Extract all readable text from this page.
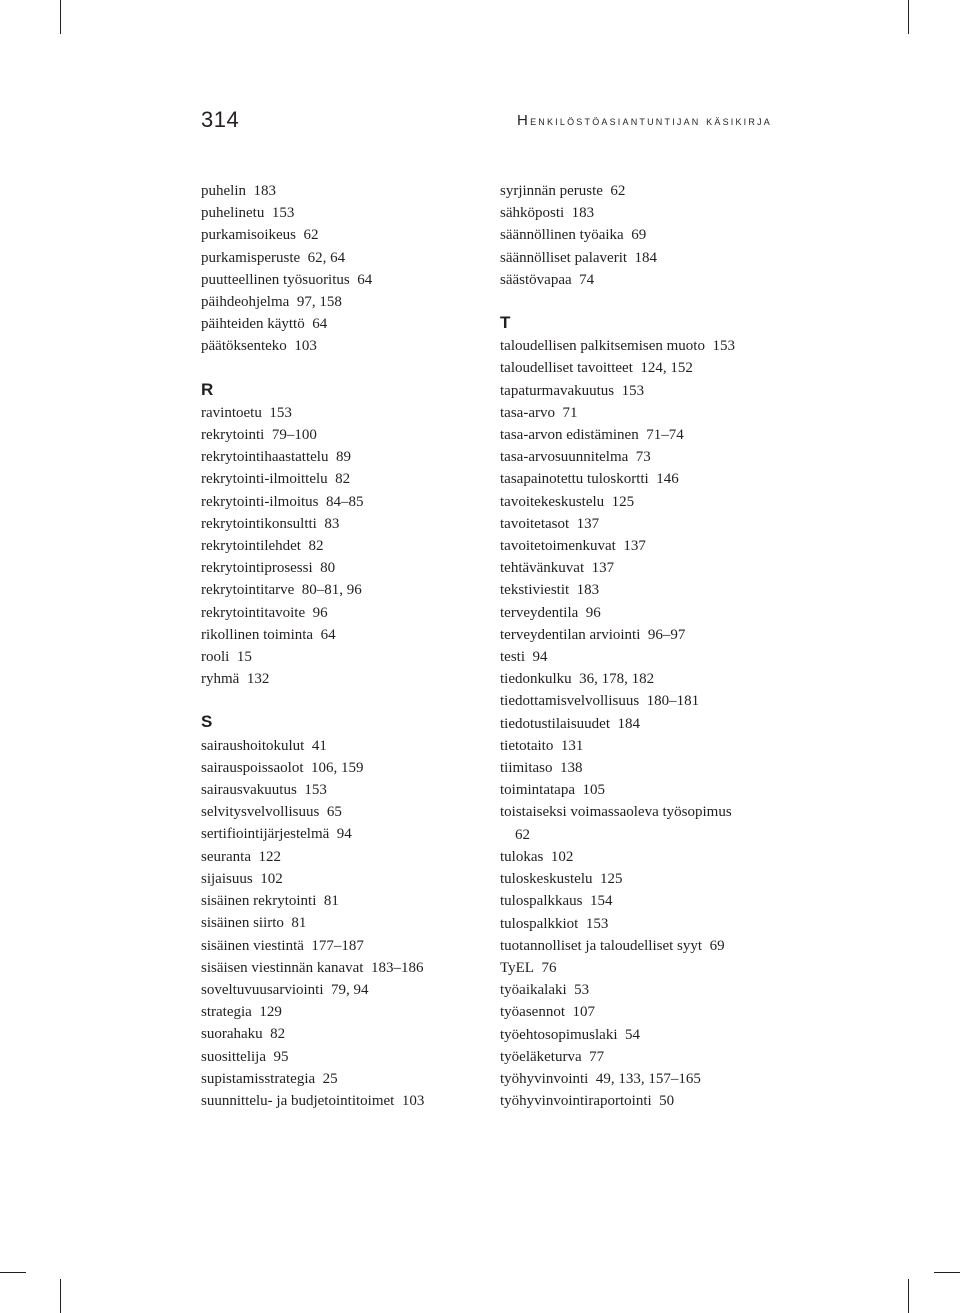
314	Henkilöstöasiantuntijan käsikirja
puhelin 183
puhelinetu 153
purkamisoikeus 62
purkamisperuste 62, 64
puutteellinen työsuoritus 64
päihdeohjelma 97, 158
päihteiden käyttö 64
päätöksenteko 103
R
ravintoetu 153
rekrytointi 79–100
rekrytointihaastattelu 89
rekrytointi-ilmoittelu 82
rekrytointi-ilmoitus 84–85
rekrytointikonsultti 83
rekrytointilehdet 82
rekrytointiprosessi 80
rekrytointitarve 80–81, 96
rekrytointitavoite 96
rikollinen toiminta 64
rooli 15
ryhmä 132
S
sairaushoitokulut 41
sairauspoissaolot 106, 159
sairausvakuutus 153
selvitysvelvollisuus 65
sertifiointijärjestelmä 94
seuranta 122
sijaisuus 102
sisäinen rekrytointi 81
sisäinen siirto 81
sisäinen viestintä 177–187
sisäisen viestinnän kanavat 183–186
soveltuvuusarviointi 79, 94
strategia 129
suorahaku 82
suosittelija 95
supistamisstrategia 25
suunnittelu- ja budjetointitoimet 103
syrjinnän peruste 62
sähköposti 183
säännöllinen työaika 69
säännölliset palaverit 184
säästövapaa 74
T
taloudellisen palkitsemisen muoto 153
taloudelliset tavoitteet 124, 152
tapaturmavakuutus 153
tasa-arvo 71
tasa-arvon edistäminen 71–74
tasa-arvosuunnitelma 73
tasapainotettu tuloskortti 146
tavoitekeskustelu 125
tavoitetasot 137
tavoitetoimenkuvat 137
tehtävänkuvat 137
tekstiviestit 183
terveydentila 96
terveydentilan arviointi 96–97
testi 94
tiedonkulku 36, 178, 182
tiedottamisvelvollisuus 180–181
tiedotustilaisuudet 184
tietotaito 131
tiimitaso 138
toimintatapa 105
toistaiseksi voimassaoleva työsopimus
62
tulokas 102
tuloskeskustelu 125
tulospalkkaus 154
tulospalkkiot 153
tuotannolliset ja taloudelliset syyt 69
TyEL 76
työaikalaki 53
työasennot 107
työehtosopimuslaki 54
työeläketurva 77
työhyvinvointi 49, 133, 157–165
työhyvinvointiraportointi 50
